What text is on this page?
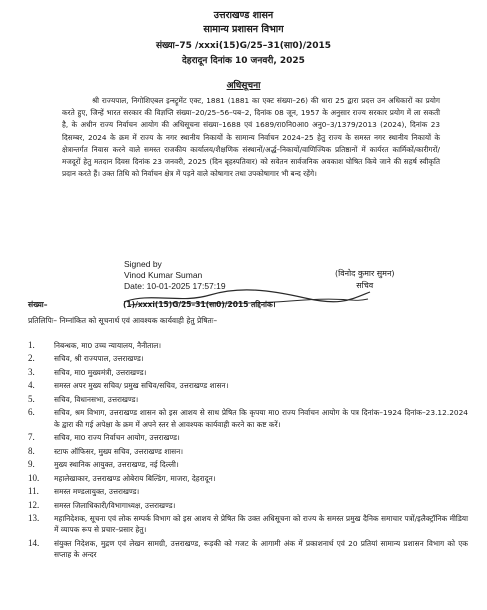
उत्तराखण्ड शासन
सामान्य प्रशासन विभाग
संख्या–75 /xxxi(15)G/25–31(सा0)/2015
देहरादून दिनांक 10 जनवरी, 2025
अधिसूचना
श्री राज्यपाल, निगोशिएबल इन्स्ट्रूमेंट एक्ट, 1881 (1881 का एक्ट संख्या–26) की धारा 25 द्वारा प्रदत्त उन अधिकारों का प्रयोग करते हुए, जिन्हें भारत सरकार की विज्ञप्ति संख्या–20/25–56–पब–2, दिनांक 08 जून, 1957 के अनुसार राज्य सरकार प्रयोग में ला सकती है, के अधीन राज्य निर्वाचन आयोग की अधिसूचना संख्या–1688 एवं 1689/रा0नि0आ0 अनु0–3/1379/2013 (2024), दिनांक 23 दिसम्बर, 2024 के क्रम में राज्य के नगर स्थानीय निकायों के सामान्य निर्वाचन 2024–25 हेतु राज्य के समस्त नगर स्थानीय निकायों के क्षेत्रान्तर्गत निवास करने वाले समस्त राजकीय कार्यालय/शैक्षणिक संस्थानों/अर्द्ध–निकायों/वाणिज्यिक प्रतिष्ठानों में कार्यरत कार्मिकों/कारीगरों/मजदूरों हेतु मतदान दिवस दिनांक 23 जनवरी, 2025 (दिन बृहस्पतिवार) को सवेतन सार्वजनिक अवकाश घोषित किये जाने की सहर्ष स्वीकृति प्रदान करते हैं। उक्त तिथि को निर्वाचन क्षेत्र में पड़ने वाले कोषागार तथा उपकोषागार भी बन्द रहेंगे।
Signed by
Vinod Kumar Suman
Date: 10-01-2025 17:57:19
(विनोद कुमार सुमन)
सचिव
संख्या–	(1)/xxxi(15)G/25–31(सा0)/2015 तद्दिनांक।
प्रतिलिपिः– निम्नांकित को सूचनार्थ एवं आवश्यक कार्यवाही हेतु प्रेषितः–
1.	निबन्धक, मा0 उच्च न्यायालय, नैनीताल।
2.	सचिव, श्री राज्यपाल, उत्तराखण्ड।
3.	सचिव, मा0 मुख्यमंत्री, उत्तराखण्ड।
4.	समस्त अपर मुख्य सचिव/ प्रमुख सचिव/सचिव, उत्तराखण्ड शासन।
5.	सचिव, विधानसभा, उत्तराखण्ड।
6.	सचिव, श्रम विभाग, उत्तराखण्ड शासन को इस आशय से साथ प्रेषित कि कृपया मा0 राज्य निर्वाचन आयोग के पत्र दिनांक–1924 दिनांक–23.12.2024 के द्वारा की गई अपेक्षा के क्रम में अपने स्तर से आवश्यक कार्यवाही करने का कष्ट करें।
7.	सचिव, मा0 राज्य निर्वाचन आयोग, उत्तराखण्ड।
8.	स्टाफ ऑफिसर, मुख्य सचिव, उत्तराखण्ड शासन।
9.	मुख्य स्थानिक आयुक्त, उत्तराखण्ड, नई दिल्ली।
10. महालेखाकार, उत्तराखण्ड ओबेराय बिल्डिंग, माजरा, देहरादून।
11. समस्त मण्डलायुक्त, उत्तराखण्ड।
12. समस्त जिलाधिकारी/विभागाध्यक्ष, उत्तराखण्ड।
13. महानिदेशक, सूचना एवं लोक सम्पर्क विभाग को इस आशय से प्रेषित कि उक्त अधिसूचना को राज्य के समस्त प्रमुख दैनिक समाचार पत्रों/इलैक्ट्रॉनिक मीडिया में व्यापक रूप से प्रचार–प्रसार हेतु।
14. संयुक्त निदेशक, मुद्रण एवं लेखन सामग्री, उत्तराखण्ड, रूड़की को गजट के आगामी अंक में प्रकाशनार्थ एवं 20 प्रतियां सामान्य प्रशासन विभाग को एक सप्ताह के अन्दर
